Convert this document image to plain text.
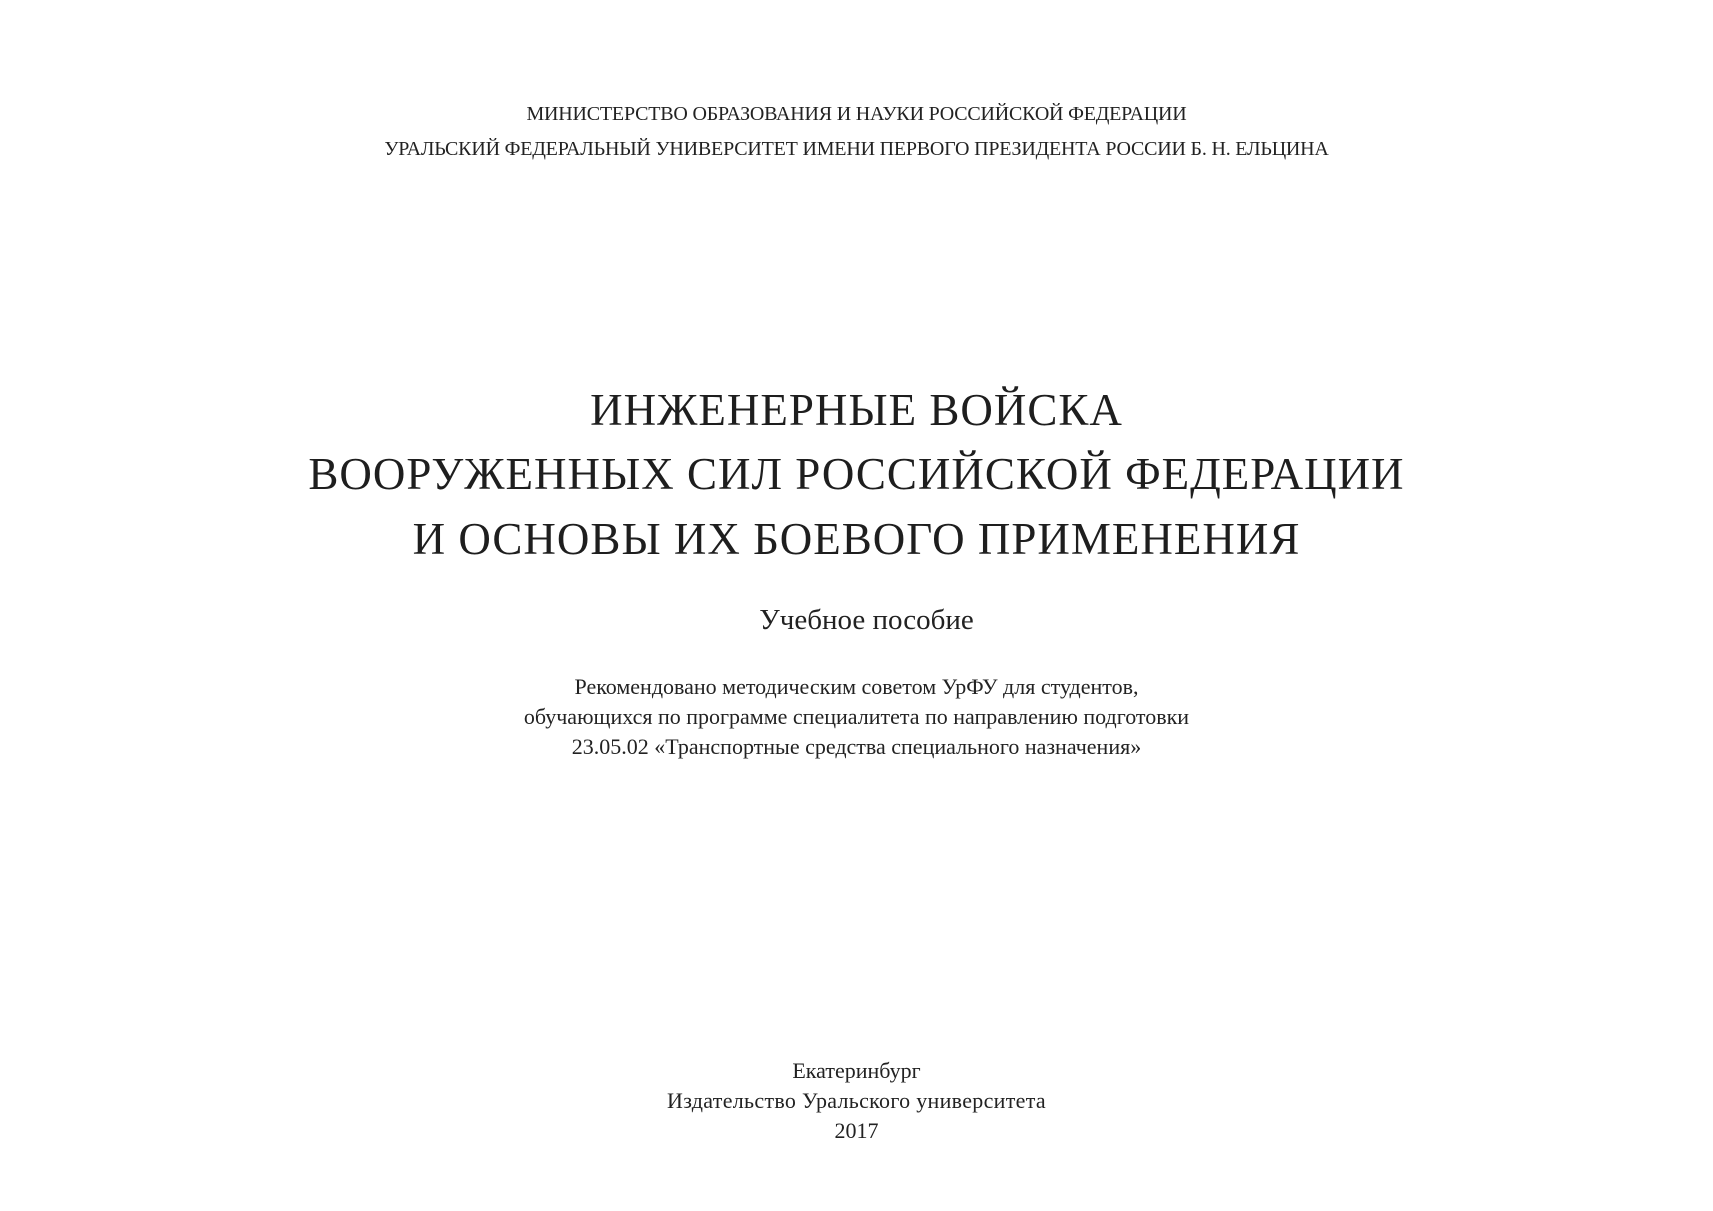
МИНИСТЕРСТВО ОБРАЗОВАНИЯ И НАУКИ РОССИЙСКОЙ ФЕДЕРАЦИИ
УРАЛЬСКИЙ ФЕДЕРАЛЬНЫЙ УНИВЕРСИТЕТ ИМЕНИ ПЕРВОГО ПРЕЗИДЕНТА РОССИИ Б. Н. ЕЛЬЦИНА
ИНЖЕНЕРНЫЕ ВОЙСКА
ВООРУЖЕННЫХ СИЛ РОССИЙСКОЙ ФЕДЕРАЦИИ
И ОСНОВЫ ИХ БОЕВОГО ПРИМЕНЕНИЯ
Учебное пособие
Рекомендовано методическим советом УрФУ для студентов,
обучающихся по программе специалитета по направлению подготовки
23.05.02 «Транспортные средства специального назначения»
Екатеринбург
Издательство Уральского университета
2017
